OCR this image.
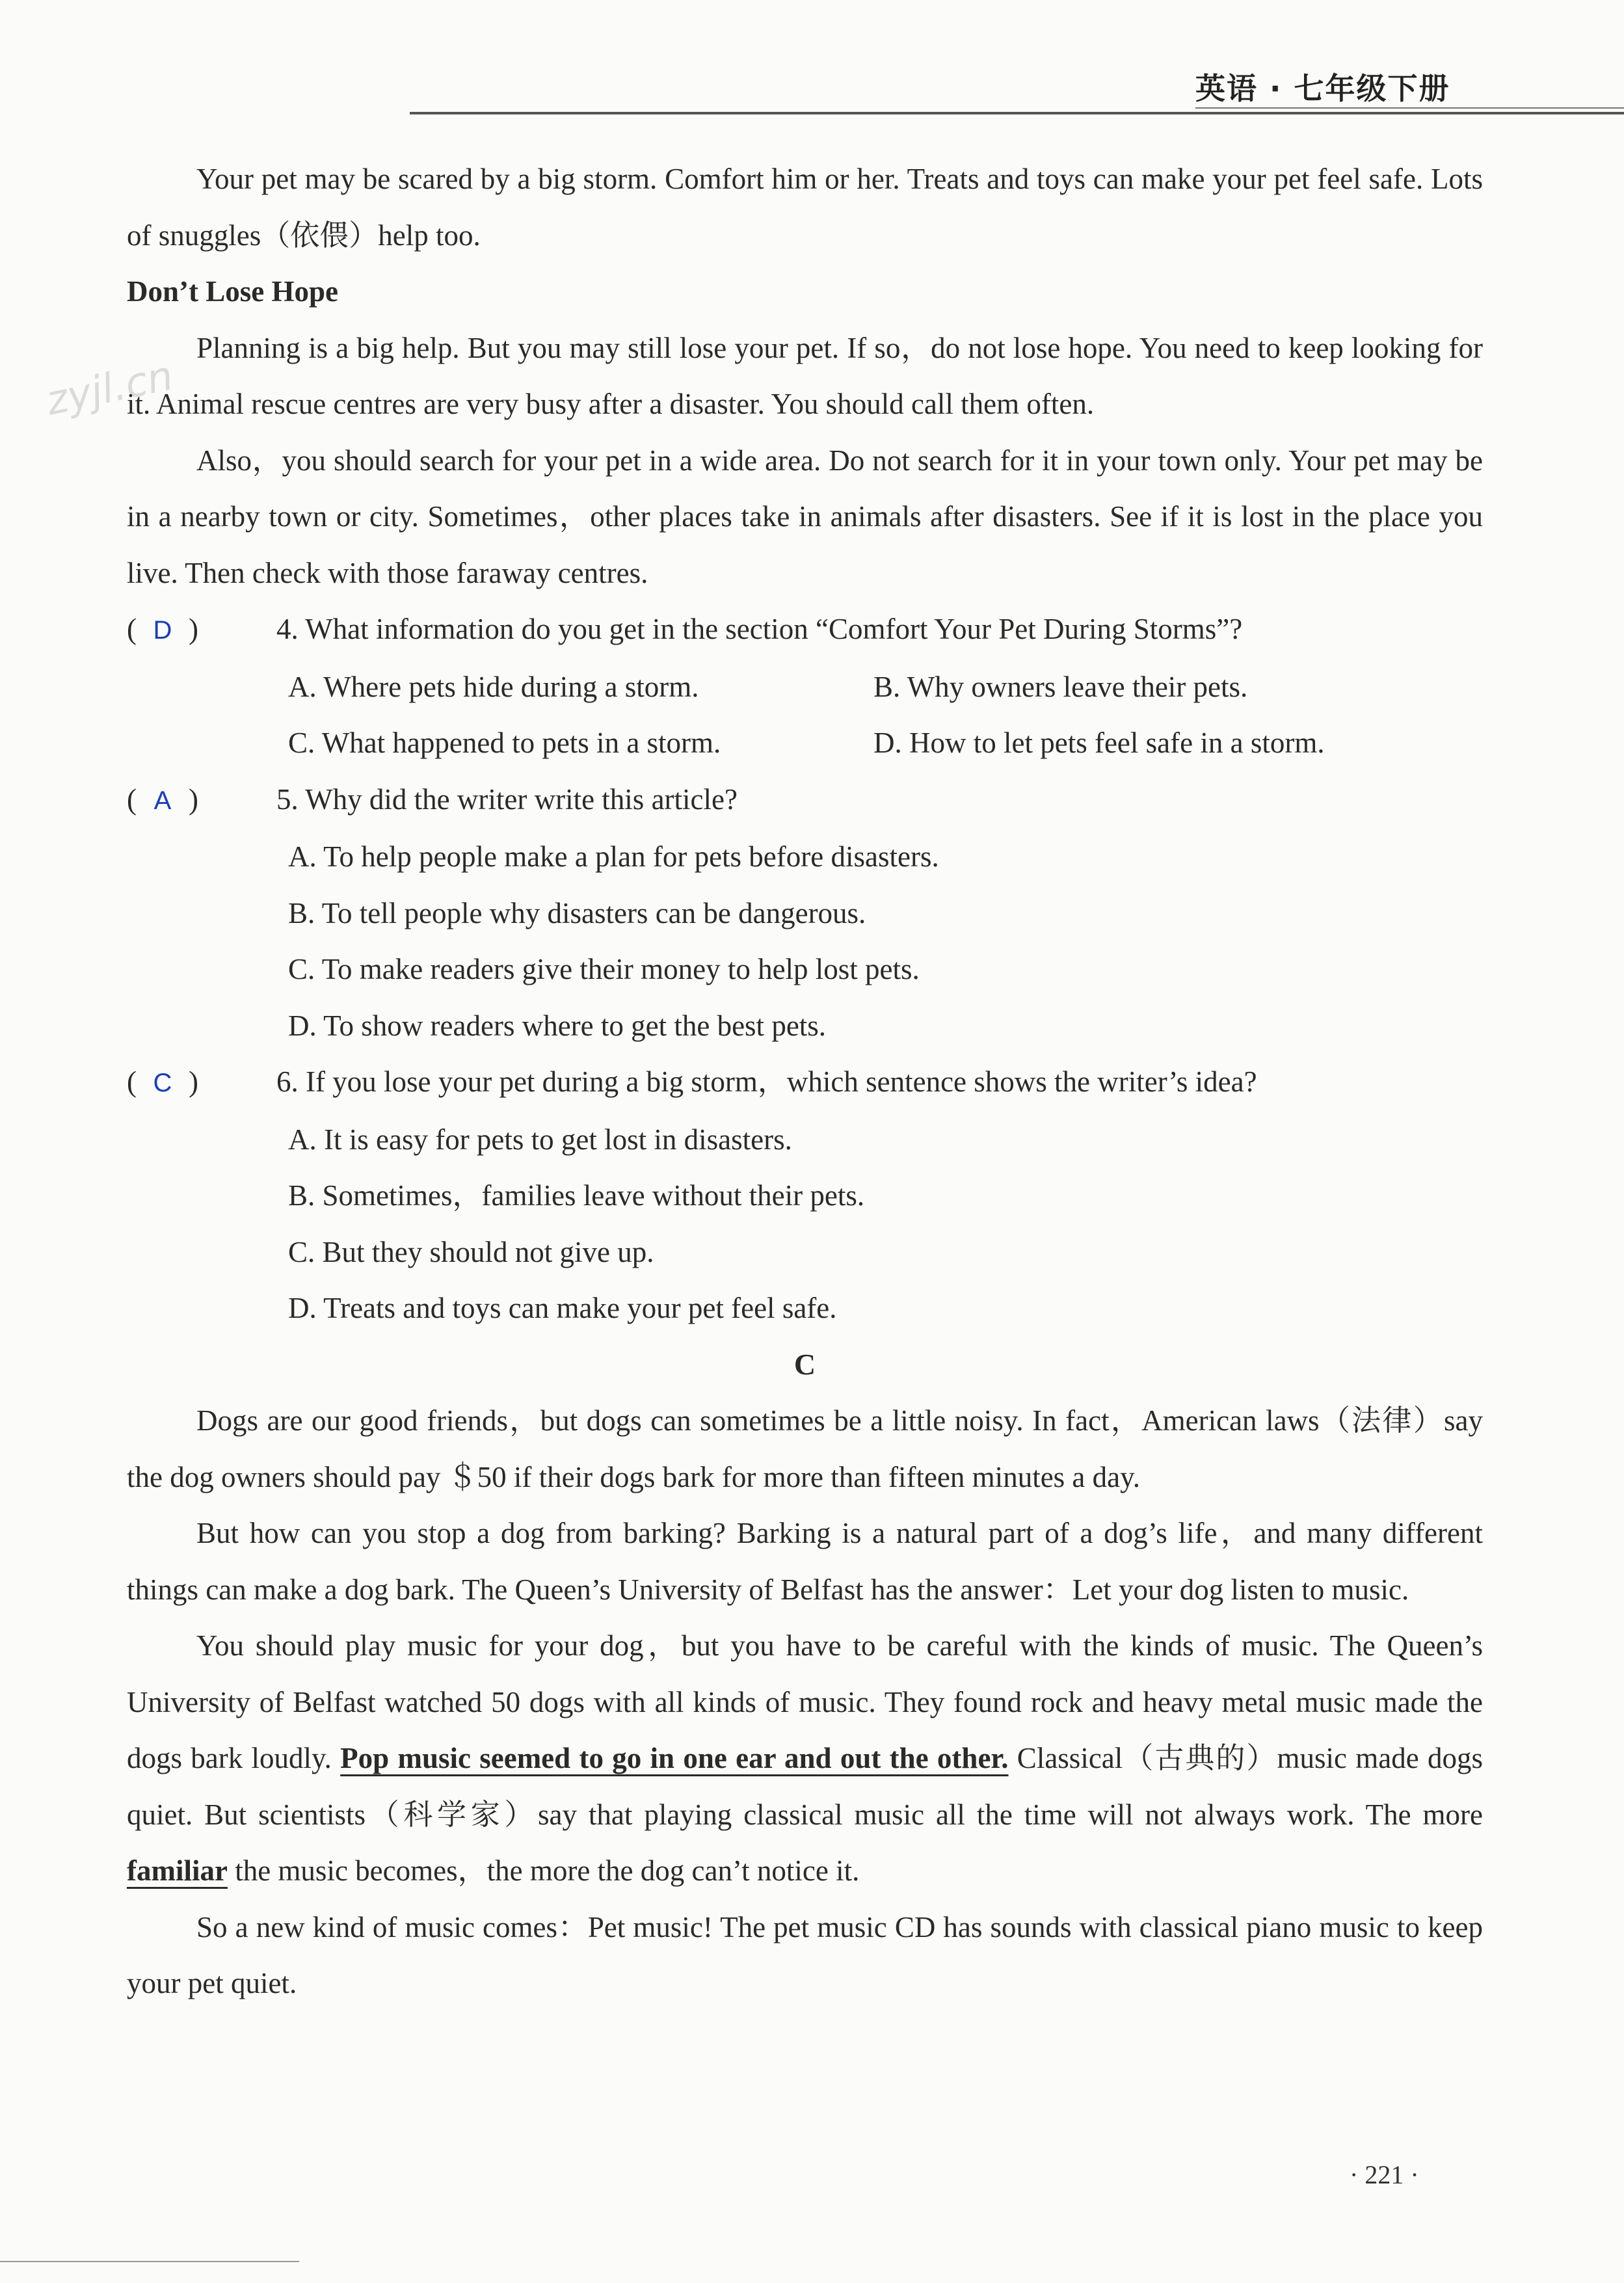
英语 · 七年级下册
zyjl.cn

Your pet may be scared by a big storm. Comfort him or her. Treats and toys can make your pet feel safe. Lots of snuggles（依偎）help too.

Don’t Lose Hope

Planning is a big help. But you may still lose your pet. If so，do not lose hope. You need to keep looking for it. Animal rescue centres are very busy after a disaster. You should call them often.

Also，you should search for your pet in a wide area. Do not search for it in your town only. Your pet may be in a nearby town or city. Sometimes，other places take in animals after disasters. See if it is lost in the place you live. Then check with those faraway centres.

( D )	4. What information do you get in the section “Comfort Your Pet During Storms”?
A. Where pets hide during a storm.	B. Why owners leave their pets.
C. What happened to pets in a storm.	D. How to let pets feel safe in a storm.
( A )	5. Why did the writer write this article?
A. To help people make a plan for pets before disasters.
B. To tell people why disasters can be dangerous.
C. To make readers give their money to help lost pets.
D. To show readers where to get the best pets.
( C )	6. If you lose your pet during a big storm，which sentence shows the writer’s idea?
A. It is easy for pets to get lost in disasters.
B. Sometimes，families leave without their pets.
C. But they should not give up.
D. Treats and toys can make your pet feel safe.
C

Dogs are our good friends，but dogs can sometimes be a little noisy. In fact，American laws（法律）say the dog owners should pay ＄50 if their dogs bark for more than fifteen minutes a day.

But how can you stop a dog from barking? Barking is a natural part of a dog’s life，and many different things can make a dog bark. The Queen’s University of Belfast has the answer：Let your dog listen to music.

You should play music for your dog，but you have to be careful with the kinds of music. The Queen’s University of Belfast watched 50 dogs with all kinds of music. They found rock and heavy metal music made the dogs bark loudly. Pop music seemed to go in one ear and out the other. Classical（古典的）music made dogs quiet. But scientists（科学家）say that playing classical music all the time will not always work. The more familiar the music becomes，the more the dog can’t notice it.

So a new kind of music comes：Pet music! The pet music CD has sounds with classical piano music to keep your pet quiet.

· 221 ·
